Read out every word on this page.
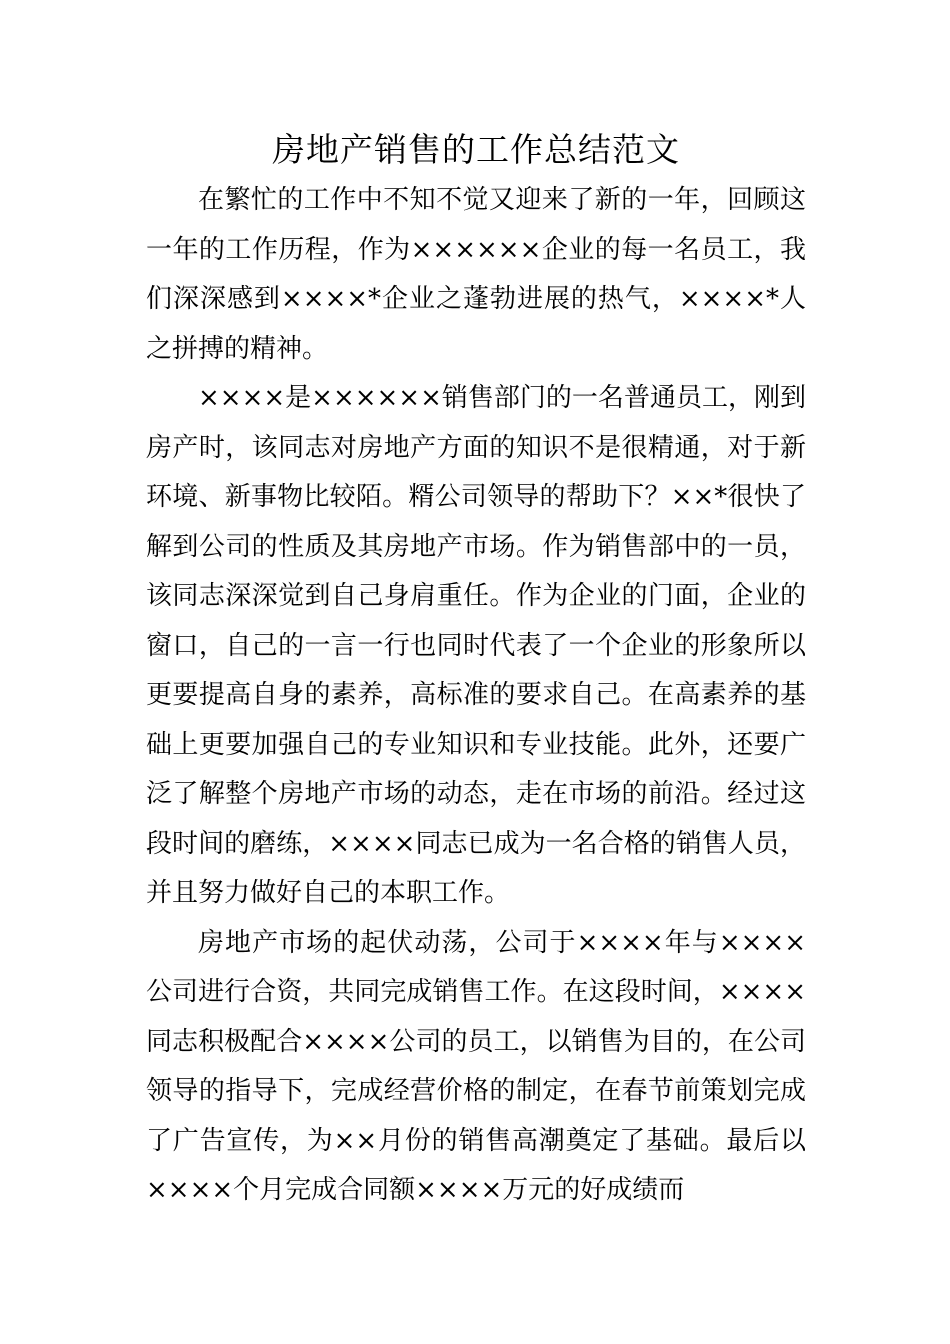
房地产销售的工作总结范文

在繁忙的工作中不知不觉又迎来了新的一年，回顾这一年的工作历程，作为××××××企业的每一名员工，我们深深感到××××*企业之蓬勃进展的热气，××××*人之拼搏的精神。

××××是××××××销售部门的一名普通员工，刚到房产时，该同志对房地产方面的知识不是很精通，对于新环境、新事物比较陌。糈公司领导的帮助下？××*很快了解到公司的性质及其房地产市场。作为销售部中的一员，该同志深深觉到自己身肩重任。作为企业的门面，企业的窗口，自己的一言一行也同时代表了一个企业的形象所以更要提高自身的素养，高标准的要求自己。在高素养的基础上更要加强自己的专业知识和专业技能。此外，还要广泛了解整个房地产市场的动态，走在市场的前沿。经过这段时间的磨练，××××同志已成为一名合格的销售人员，并且努力做好自己的本职工作。

房地产市场的起伏动荡，公司于××××年与××××公司进行合资，共同完成销售工作。在这段时间，××××同志积极配合××××公司的员工，以销售为目的，在公司领导的指导下，完成经营价格的制定，在春节前策划完成了广告宣传，为××月份的销售高潮奠定了基础。最后以××××个月完成合同额××××万元的好成绩而
